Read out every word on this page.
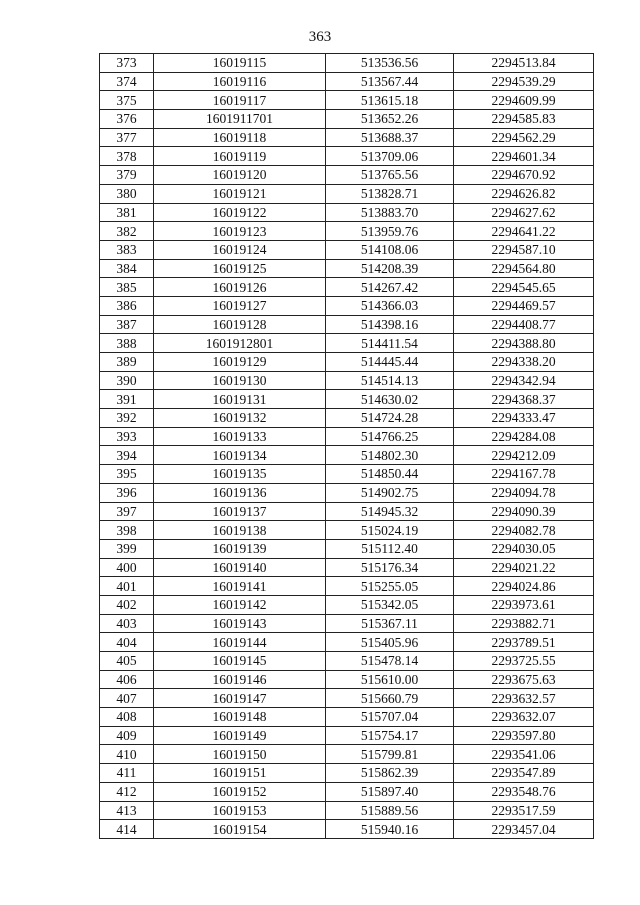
363
373	16019115	513536.56	2294513.84
374	16019116	513567.44	2294539.29
375	16019117	513615.18	2294609.99
376	1601911701	513652.26	2294585.83
377	16019118	513688.37	2294562.29
378	16019119	513709.06	2294601.34
379	16019120	513765.56	2294670.92
380	16019121	513828.71	2294626.82
381	16019122	513883.70	2294627.62
382	16019123	513959.76	2294641.22
383	16019124	514108.06	2294587.10
384	16019125	514208.39	2294564.80
385	16019126	514267.42	2294545.65
386	16019127	514366.03	2294469.57
387	16019128	514398.16	2294408.77
388	1601912801	514411.54	2294388.80
389	16019129	514445.44	2294338.20
390	16019130	514514.13	2294342.94
391	16019131	514630.02	2294368.37
392	16019132	514724.28	2294333.47
393	16019133	514766.25	2294284.08
394	16019134	514802.30	2294212.09
395	16019135	514850.44	2294167.78
396	16019136	514902.75	2294094.78
397	16019137	514945.32	2294090.39
398	16019138	515024.19	2294082.78
399	16019139	515112.40	2294030.05
400	16019140	515176.34	2294021.22
401	16019141	515255.05	2294024.86
402	16019142	515342.05	2293973.61
403	16019143	515367.11	2293882.71
404	16019144	515405.96	2293789.51
405	16019145	515478.14	2293725.55
406	16019146	515610.00	2293675.63
407	16019147	515660.79	2293632.57
408	16019148	515707.04	2293632.07
409	16019149	515754.17	2293597.80
410	16019150	515799.81	2293541.06
411	16019151	515862.39	2293547.89
412	16019152	515897.40	2293548.76
413	16019153	515889.56	2293517.59
414	16019154	515940.16	2293457.04
